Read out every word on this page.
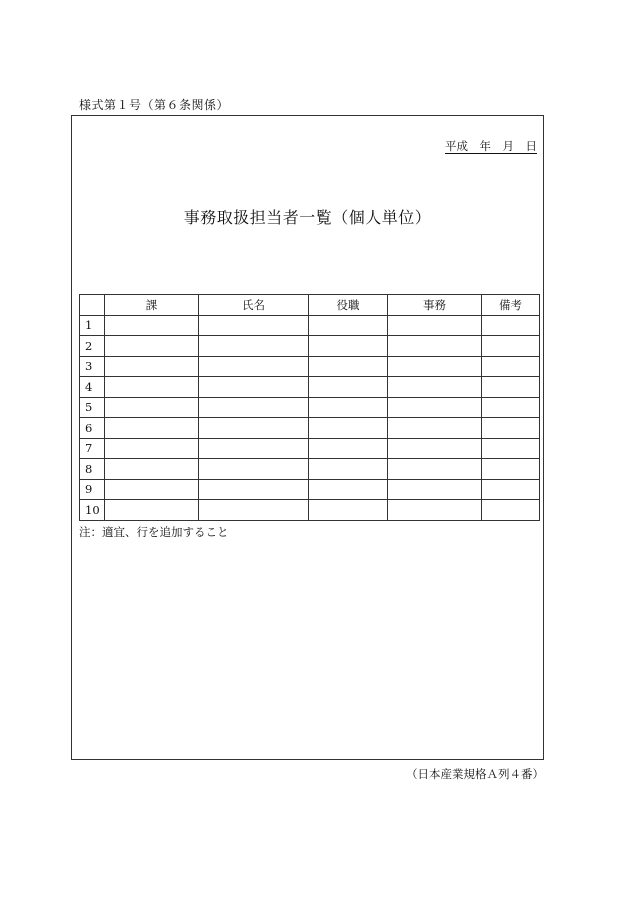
様式第１号（第６条関係）
平成　年　月　日
事務取扱担当者一覧（個人単位）
	課	氏名	役職	事務	備考
1					
2					
3					
4					
5					
6					
7					
8					
9					
10					
注：適宜、行を追加すること
（日本産業規格Ａ列４番）
